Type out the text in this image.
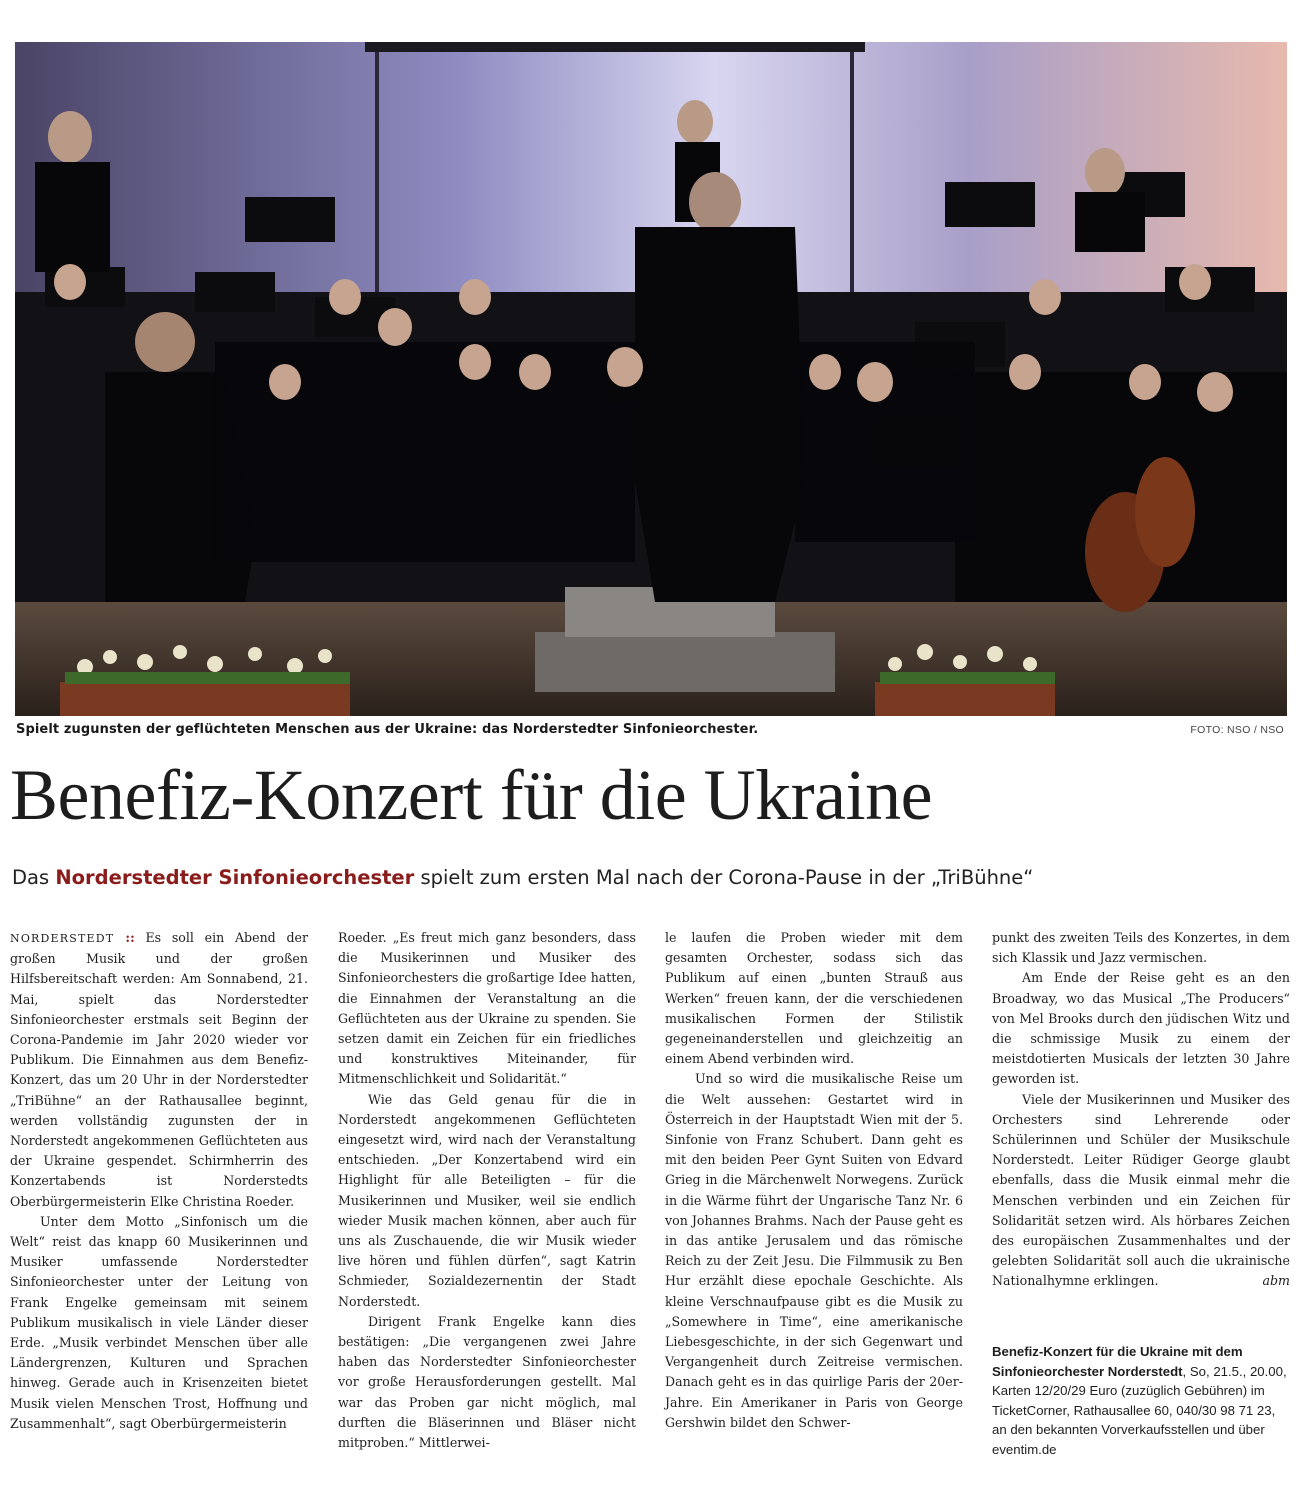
Spielt zugunsten der geflüchteten Menschen aus der Ukraine: das Norderstedter Sinfonieorchester.	FOTO: NSO / NSO
Benefiz-Konzert für die Ukraine
Das Norderstedter Sinfonieorchester spielt zum ersten Mal nach der Corona-Pause in der „TriBühne“

NORDERSTEDT :: Es soll ein Abend der großen Musik und der großen Hilfsbereitschaft werden: Am Sonnabend, 21. Mai, spielt das Norderstedter Sinfonieorchester erstmals seit Beginn der Corona-Pandemie im Jahr 2020 wieder vor Publikum. Die Einnahmen aus dem Benefiz-Konzert, das um 20 Uhr in der Norderstedter „TriBühne“ an der Rathausallee beginnt, werden vollständig zugunsten der in Norderstedt angekommenen Geflüchteten aus der Ukraine gespendet. Schirmherrin des Konzertabends ist Norderstedts Oberbürgermeisterin Elke Christina Roeder.

Unter dem Motto „Sinfonisch um die Welt“ reist das knapp 60 Musikerinnen und Musiker umfassende Norderstedter Sinfonieorchester unter der Leitung von Frank Engelke gemeinsam mit seinem Publikum musikalisch in viele Länder dieser Erde. „Musik verbindet Menschen über alle Ländergrenzen, Kulturen und Sprachen hinweg. Gerade auch in Krisenzeiten bietet Musik vielen Menschen Trost, Hoffnung und Zusammenhalt“, sagt Oberbürgermeisterin

Roeder. „Es freut mich ganz besonders, dass die Musikerinnen und Musiker des Sinfonieorchesters die großartige Idee hatten, die Einnahmen der Veranstaltung an die Geflüchteten aus der Ukraine zu spenden. Sie setzen damit ein Zeichen für ein friedliches und konstruktives Miteinander, für Mitmenschlichkeit und Solidarität.“

Wie das Geld genau für die in Norderstedt angekommenen Geflüchteten eingesetzt wird, wird nach der Veranstaltung entschieden. „Der Konzertabend wird ein Highlight für alle Beteiligten – für die Musikerinnen und Musiker, weil sie endlich wieder Musik machen können, aber auch für uns als Zuschauende, die wir Musik wieder live hören und fühlen dürfen“, sagt Katrin Schmieder, Sozialdezernentin der Stadt Norderstedt.

Dirigent Frank Engelke kann dies bestätigen: „Die vergangenen zwei Jahre haben das Norderstedter Sinfonieorchester vor große Herausforderungen gestellt. Mal war das Proben gar nicht möglich, mal durften die Bläserinnen und Bläser nicht mitproben.“ Mittlerwei-

le laufen die Proben wieder mit dem gesamten Orchester, sodass sich das Publikum auf einen „bunten Strauß aus Werken“ freuen kann, der die verschiedenen musikalischen Formen der Stilistik gegeneinanderstellen und gleichzeitig an einem Abend verbinden wird.

Und so wird die musikalische Reise um die Welt aussehen: Gestartet wird in Österreich in der Hauptstadt Wien mit der 5. Sinfonie von Franz Schubert. Dann geht es mit den beiden Peer Gynt Suiten von Edvard Grieg in die Märchenwelt Norwegens. Zurück in die Wärme führt der Ungarische Tanz Nr. 6 von Johannes Brahms. Nach der Pause geht es in das antike Jerusalem und das römische Reich zu der Zeit Jesu. Die Filmmusik zu Ben Hur erzählt diese epochale Geschichte. Als kleine Verschnaufpause gibt es die Musik zu „Somewhere in Time“, eine amerikanische Liebesgeschichte, in der sich Gegenwart und Vergangenheit durch Zeitreise vermischen. Danach geht es in das quirlige Paris der 20er-Jahre. Ein Amerikaner in Paris von George Gershwin bildet den Schwer-

punkt des zweiten Teils des Konzertes, in dem sich Klassik und Jazz vermischen.

Am Ende der Reise geht es an den Broadway, wo das Musical „The Producers“ von Mel Brooks durch den jüdischen Witz und die schmissige Musik zu einem der meistdotierten Musicals der letzten 30 Jahre geworden ist.

Viele der Musikerinnen und Musiker des Orchesters sind Lehrerende oder Schülerinnen und Schüler der Musikschule Norderstedt. Leiter Rüdiger George glaubt ebenfalls, dass die Musik einmal mehr die Menschen verbinden und ein Zeichen für Solidarität setzen wird. Als hörbares Zeichen des europäischen Zusammenhaltes und der gelebten Solidarität soll auch die ukrainische Nationalhymne erklingen.	abm

Benefiz-Konzert für die Ukraine mit dem Sinfonieorchester Norderstedt, So, 21.5., 20.00, Karten 12/20/29 Euro (zuzüglich Gebühren) im TicketCorner, Rathausallee 60, 040/30 98 71 23,
an den bekannten Vorverkaufsstellen und über eventim.de
